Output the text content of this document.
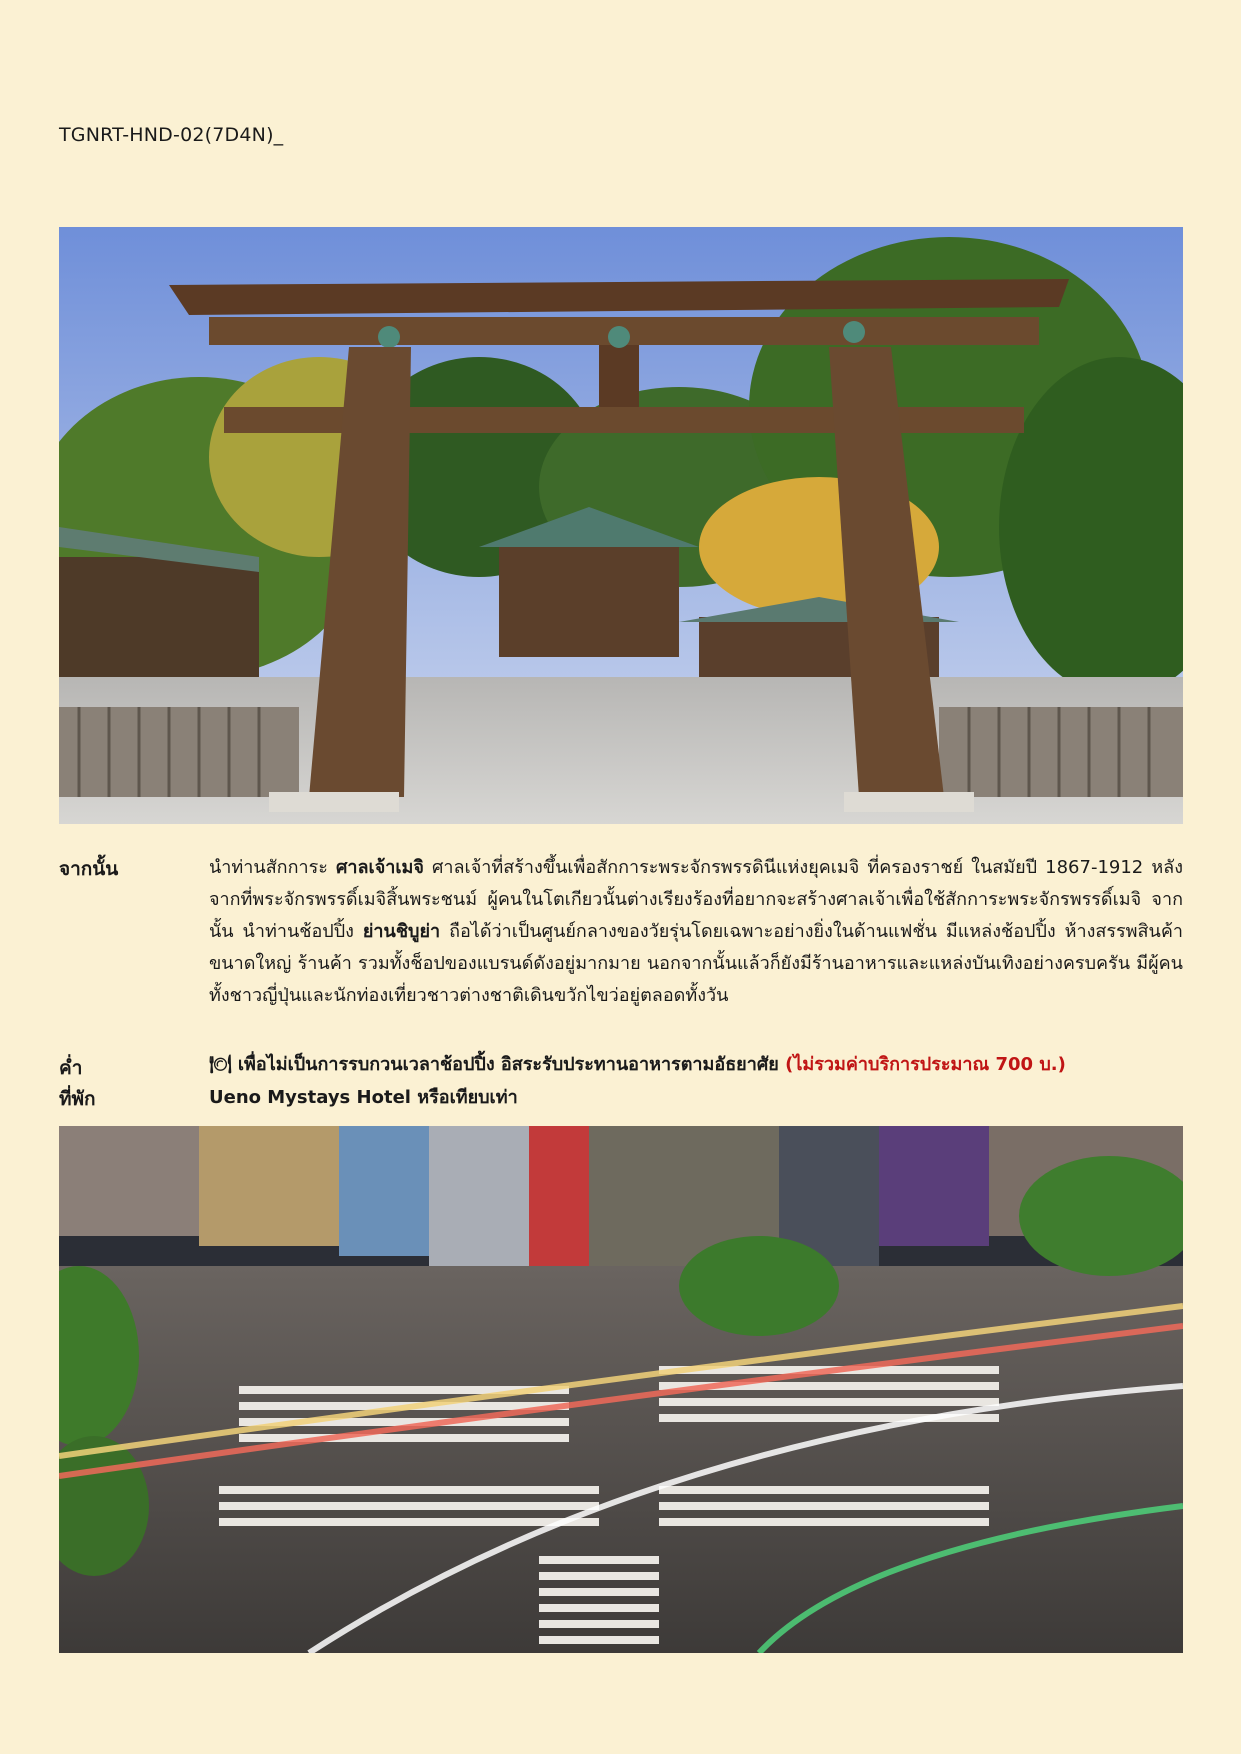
TGNRT-HND-02(7D4N)_
จากนั้น	นำท่านสักการะ ศาลเจ้าเมจิ ศาลเจ้าที่สร้างขึ้นเพื่อสักการะพระจักรพรรดินีแห่งยุคเมจิ ที่ครองราชย์ ในสมัยปี 1867-1912 หลังจากที่พระจักรพรรดิ์เมจิสิ้นพระชนม์ ผู้คนในโตเกียวนั้นต่างเรียงร้องที่อยากจะสร้างศาลเจ้าเพื่อใช้สักการะพระจักรพรรดิ์เมจิ จากนั้น นำท่านช้อปปิ้ง ย่านชิบูย่า ถือได้ว่าเป็นศูนย์กลางของวัยรุ่นโดยเฉพาะอย่างยิ่งในด้านแฟชั่น มีแหล่งช้อปปิ้ง ห้างสรรพสินค้าขนาดใหญ่ ร้านค้า รวมทั้งช็อปของแบรนด์ดังอยู่มากมาย นอกจากนั้นแล้วก็ยังมีร้านอาหารและแหล่งบันเทิงอย่างครบครัน มีผู้คนทั้งชาวญี่ปุ่นและนักท่องเที่ยวชาวต่างชาติเดินขวักไขว่อยู่ตลอดทั้งวัน
ค่ำ	🍽 เพื่อไม่เป็นการรบกวนเวลาช้อปปิ้ง อิสระรับประทานอาหารตามอัธยาศัย (ไม่รวมค่าบริการประมาณ 700 บ.)
ที่พัก	Ueno Mystays Hotel หรือเทียบเท่า
